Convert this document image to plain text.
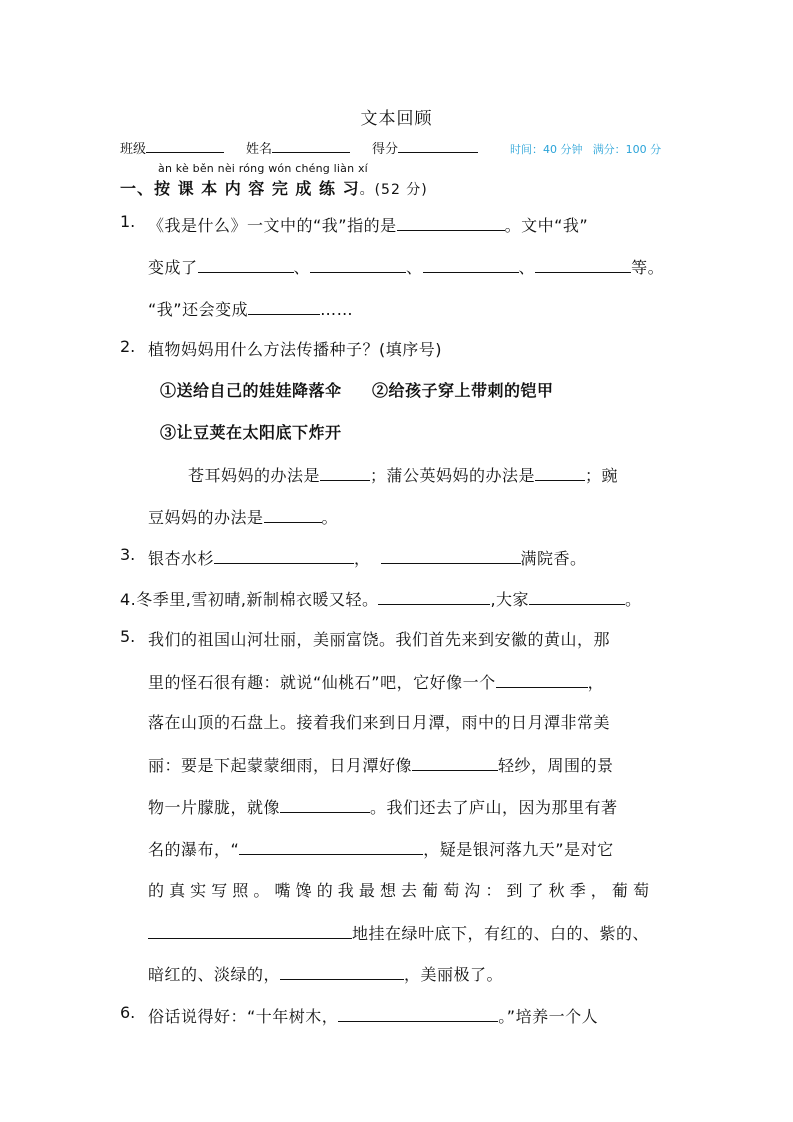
文本回顾
班级	姓名	得分	时间：40 分钟 满分：100 分
àn kè běn nèi róng wón chéng liàn xí
一、按 课 本 内 容 完 成 练 习。(52 分)
1. 《我是什么》一文中的“我”指的是	。文中“我”
变成了	、	、	、	等。
“我”还会变成	……
2. 植物妈妈用什么方法传播种子？(填序号)
①送给自己的娃娃降落伞 ②给孩子穿上带刺的铠甲
③让豆荚在太阳底下炸开
苍耳妈妈的办法是	；蒲公英妈妈的办法是	；豌
豆妈妈的办法是	。
3. 银杏水杉	，	满院香。
4.冬季里,雪初晴,新制棉衣暖又轻。	,大家	。
5. 我们的祖国山河壮丽，美丽富饶。我们首先来到安徽的黄山，那
里的怪石很有趣：就说“仙桃石”吧，它好像一个	，
落在山顶的石盘上。接着我们来到日月潭，雨中的日月潭非常美
丽：要是下起蒙蒙细雨，日月潭好像	轻纱，周围的景
物一片朦胧，就像	。我们还去了庐山，因为那里有著
名的瀑布，“	，疑是银河落九天”是对它
的 真 实 写 照 。 嘴 馋 的 我 最 想 去 葡 萄 沟 ： 到 了 秋 季 ， 葡 萄
地挂在绿叶底下，有红的、白的、紫的、
暗红的、淡绿的，	，美丽极了。
6. 俗话说得好：“十年树木，	。”培养一个人
